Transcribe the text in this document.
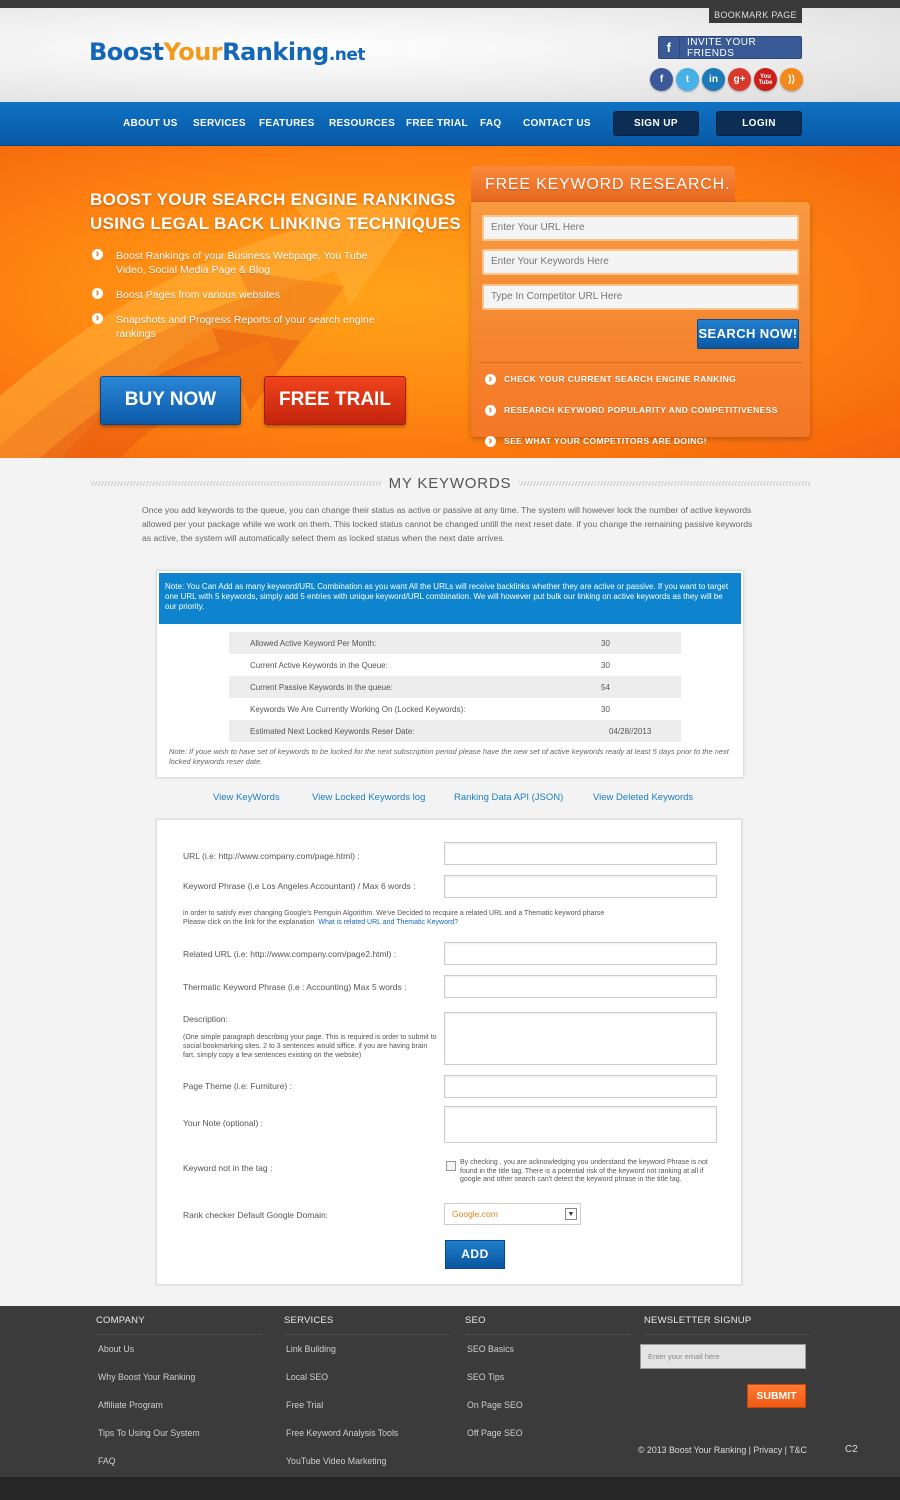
BOOKMARK PAGE
BoostYourRanking.net	f	INVITE YOUR FRIENDS
f	t	in	g+	You Tube	))
ABOUT US SERVICES FEATURES RESOURCES FREE TRIAL FAQ CONTACT US	SIGN UP	LOGIN
BOOST YOUR SEARCH ENGINE RANKINGS
USING LEGAL BACK LINKING TECHNIQUES
› Boost Rankings of your Business Webpage, You Tube Video, Social Media Page & Blog
› Boost Pages from various websites
› Snapshots and Progress Reports of your search engine rankings
BUY NOW	FREE TRAIL
FREE KEYWORD RESEARCH.
Enter Your URL Here
Enter Your Keywords Here
Type In Competitor URL Here
SEARCH NOW!
› CHECK YOUR CURRENT SEARCH ENGINE RANKING
› RESEARCH KEYWORD POPULARITY AND COMPETITIVENESS
› SEE WHAT YOUR COMPETITORS ARE DOING!
MY KEYWORDS

Once you add keywords to the queue, you can change their status as active or passive at any time. The system will however lock the number of active keywords allowed per your package while we work on them. This locked status cannot be changed untill the next reset date. if you change the remaining passive keywords as active, the system will automatically select them as locked status when the next date arrives.

Note: You Can Add as many keyword/URL Combination as you want All the URLs will receive backlinks whether they are active or passive. If you want to target one URL with 5 keywords, simply add 5 entries with unique keyword/URL combination. We will however put bulk our linking on active keywords as they will be our priority.
Allowed Active Keyword Per Month:	30
Current Active Keywords in the Queue:	30
Current Passive Keywords in the queue:	54
Keywords We Are Currently Working On (Locked Keywords):	30
Estimated Next Locked Keywords Reser Date:	04/28//2013

Note: If youe wish to have set of keywords to be locked for the next subscription period please have the new set of active keywords ready at least 5 days prior to the next locked keywords reser date.

View KeyWords	View Locked Keywords log	Ranking Data API (JSON)	View Deleted Keywords
URL (i.e: http://www.company.com/page.html) :
Keyword Phrase (i.e Los Angeles Accountant) / Max 6 words :

in order to satisfy ever changing Google's Pemguin Algorithm. We've Decided to recquire a related URL and a Thematic keyword pharse
Pleasw click on the link for the explanation What is related URL and Thematic Keyword?

Related URL (i.e: http://www.company.com/page2.html) :
Thermatic Keyword Phrase (i.e : Accounting) Max 5 words :
Description:

(One simple paragraph describing your page. This is required is order to submit to social bookmarking sites. 2 to 3 sentences would siffice. if you are having brain fart, simply copy a few sentences existing on the website)

Page Theme (i.e: Furniture) :
Your Note (optional) :
Keyword not in the tag :

By checking , you are acknowledging you understand the keyword Phrase is not found in the title tag. There is a potential risk of the keyword not ranking at all if google and other search can't detect the keyword phrase in the title tag.

Rank checker Default Google Domain:	Google.com	▼
ADD
COMPANY
About Us
Why Boost Your Ranking
Affiliate Program
Tips To Using Our System
FAQ
SERVICES
Link Building
Local SEO
Free Trial
Free Keyword Analysis Tools
YouTube Video Marketing
SEO
SEO Basics
SEO Tips
On Page SEO
Off Page SEO
NEWSLETTER SIGNUP
Enter your email here
SUBMIT
© 2013 Boost Your Ranking | Privacy | T&C	C2
